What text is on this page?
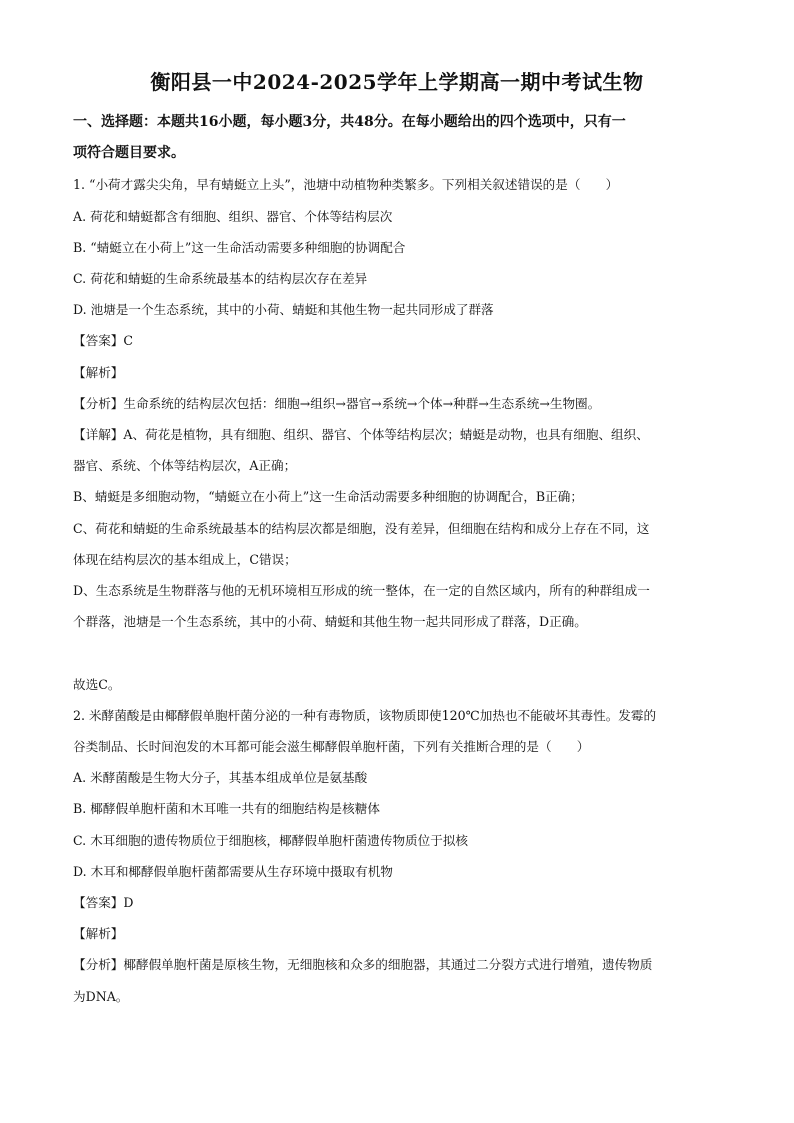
衡阳县一中2024-2025学年上学期高一期中考试生物

一、选择题：本题共16小题，每小题3分，共48分。在每小题给出的四个选项中，只有一

项符合题目要求。

1. “小荷才露尖尖角，早有蜻蜓立上头”，池塘中动植物种类繁多。下列相关叙述错误的是（　　）

A. 荷花和蜻蜓都含有细胞、组织、器官、个体等结构层次

B. “蜻蜓立在小荷上”这一生命活动需要多种细胞的协调配合

C. 荷花和蜻蜓的生命系统最基本的结构层次存在差异

D. 池塘是一个生态系统，其中的小荷、蜻蜓和其他生物一起共同形成了群落

【答案】C

【解析】

【分析】生命系统的结构层次包括：细胞→组织→器官→系统→个体→种群→生态系统→生物圈。

【详解】A、荷花是植物，具有细胞、组织、器官、个体等结构层次；蜻蜓是动物，也具有细胞、组织、

器官、系统、个体等结构层次，A正确；

B、蜻蜓是多细胞动物，“蜻蜓立在小荷上”这一生命活动需要多种细胞的协调配合，B正确；

C、荷花和蜻蜓的生命系统最基本的结构层次都是细胞，没有差异，但细胞在结构和成分上存在不同，这

体现在结构层次的基本组成上，C错误；

D、生态系统是生物群落与他的无机环境相互形成的统一整体，在一定的自然区域内，所有的种群组成一

个群落，池塘是一个生态系统，其中的小荷、蜻蜓和其他生物一起共同形成了群落，D正确。

故选C。

2. 米酵菌酸是由椰酵假单胞杆菌分泌的一种有毒物质，该物质即使120℃加热也不能破坏其毒性。发霉的

谷类制品、长时间泡发的木耳都可能会滋生椰酵假单胞杆菌，下列有关推断合理的是（　　）

A. 米酵菌酸是生物大分子，其基本组成单位是氨基酸

B. 椰酵假单胞杆菌和木耳唯一共有的细胞结构是核糖体

C. 木耳细胞的遗传物质位于细胞核，椰酵假单胞杆菌遗传物质位于拟核

D. 木耳和椰酵假单胞杆菌都需要从生存环境中摄取有机物

【答案】D

【解析】

【分析】椰酵假单胞杆菌是原核生物，无细胞核和众多的细胞器，其通过二分裂方式进行增殖，遗传物质

为DNA。
